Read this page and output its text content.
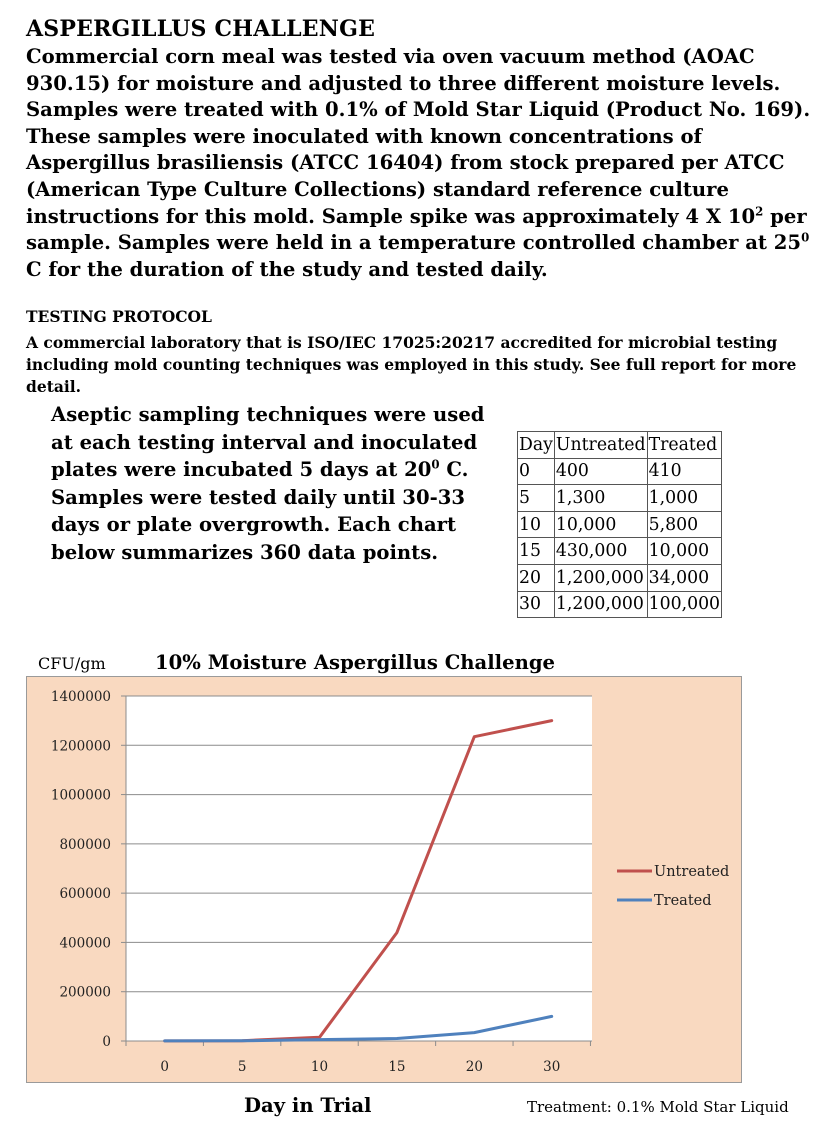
ASPERGILLUS CHALLENGE
Commercial corn meal was tested via oven vacuum method (AOAC 930.15) for moisture and adjusted to three different moisture levels. Samples were treated with 0.1% of Mold Star Liquid (Product No. 169). These samples were inoculated with known concentrations of Aspergillus brasiliensis (ATCC 16404) from stock prepared per ATCC (American Type Culture Collections) standard reference culture instructions for this mold. Sample spike was approximately 4 X $10^2$ per sample. Samples were held in a temperature controlled chamber at $25^0$ C for the duration of the study and tested daily.
TESTING PROTOCOL
A commercial laboratory that is ISO/IEC 17025:20217 accredited for microbial testing including mold counting techniques was employed in this study. See full report for more detail.
Aseptic sampling techniques were used at each testing interval and inoculated plates were incubated 5 days at $20^0$ C. Samples were tested daily until 30-33 days or plate overgrowth. Each chart below summarizes 360 data points.
Day	Untreated	Treated
0	400	410
5	1,300	1,000
10	10,000	5,800
15	430,000	10,000
20	1,200,000	34,000
30	1,200,000	100,000
CFU/gm	10% Moisture Aspergillus Challenge
0
200000
400000
600000
800000
1000000
1200000
1400000
0	5	10	15	20	30
Untreated
Treated
Day in Trial	Treatment: 0.1% Mold Star Liquid
